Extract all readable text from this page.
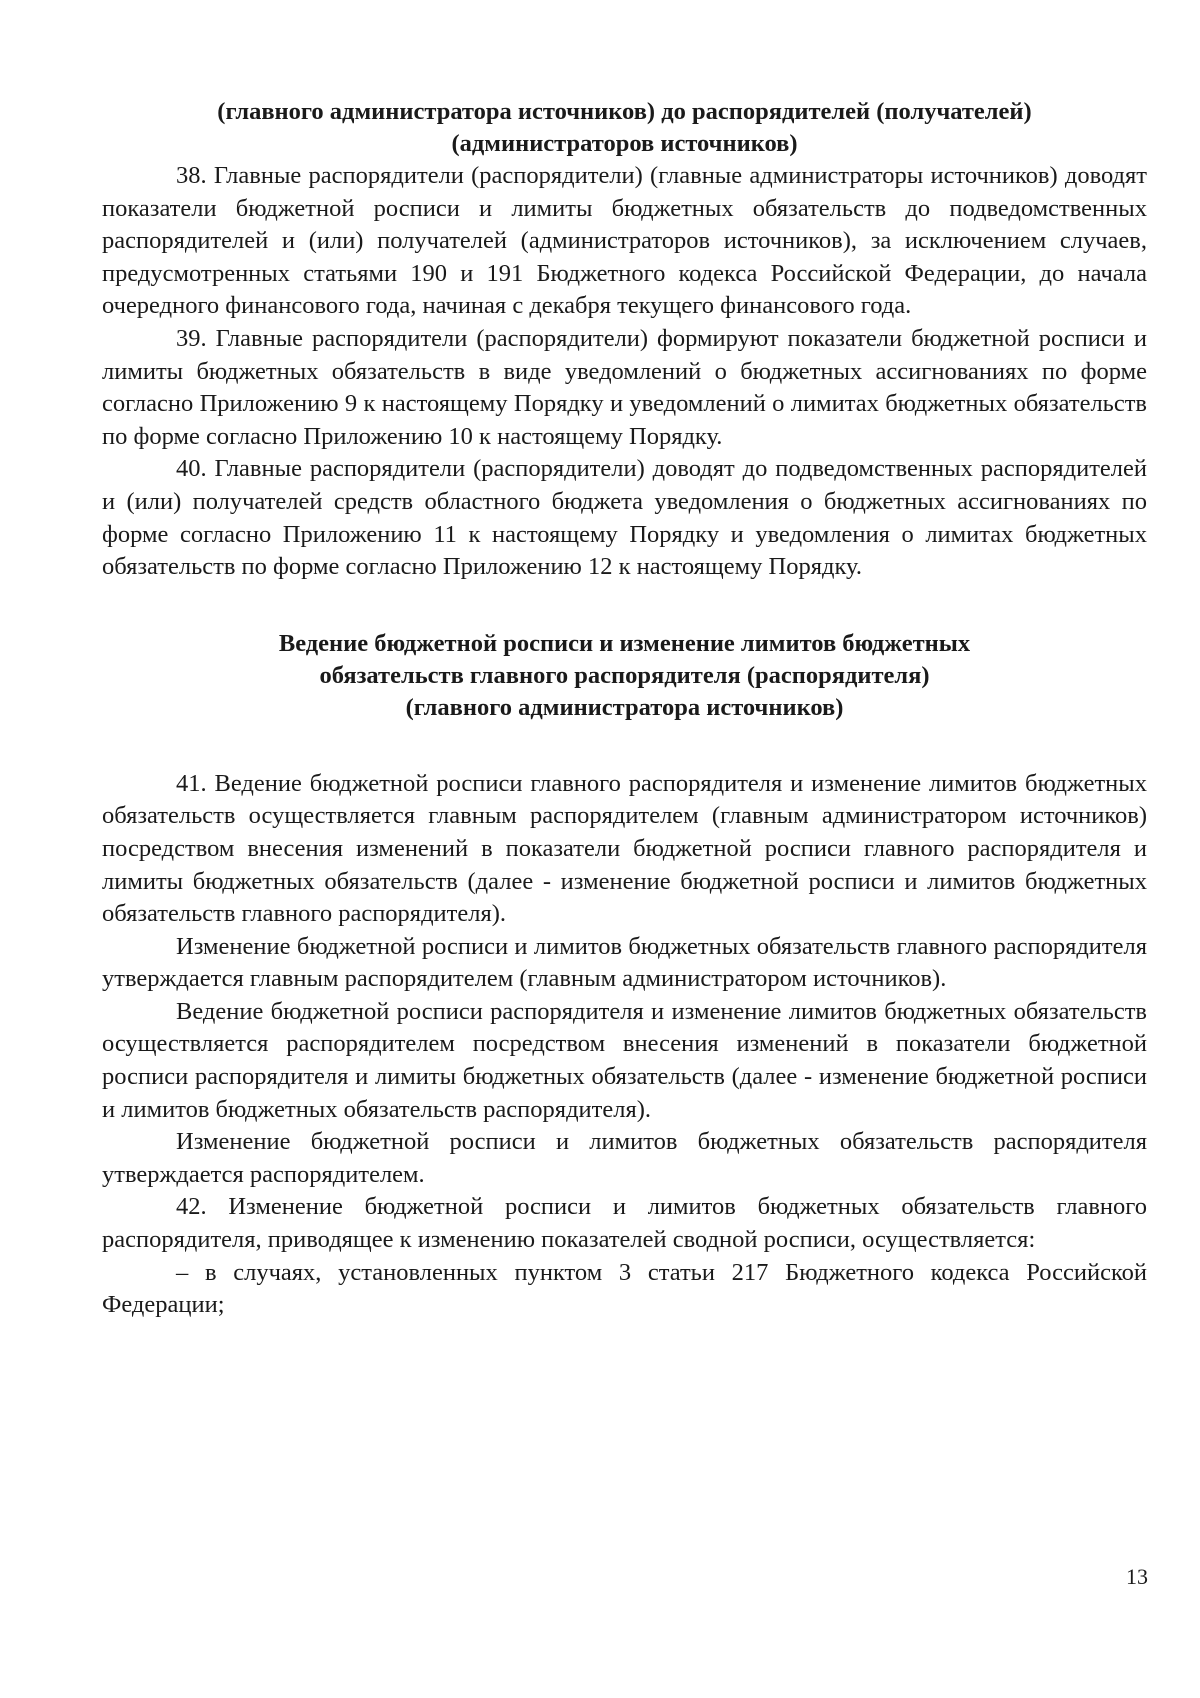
(главного администратора источников) до распорядителей (получателей)
(администраторов источников)

38. Главные распорядители (распорядители) (главные администраторы источников) доводят показатели бюджетной росписи и лимиты бюджетных обязательств до подведомственных распорядителей и (или) получателей (администраторов источников), за исключением случаев, предусмотренных статьями 190 и 191 Бюджетного кодекса Российской Федерации, до начала очередного финансового года, начиная с декабря текущего финансового года.

39. Главные распорядители (распорядители) формируют показатели бюджетной росписи и лимиты бюджетных обязательств в виде уведомлений о бюджетных ассигнованиях по форме согласно Приложению 9 к настоящему Порядку и уведомлений о лимитах бюджетных обязательств по форме согласно Приложению 10 к настоящему Порядку.

40. Главные распорядители (распорядители) доводят до подведомственных распорядителей и (или) получателей средств областного бюджета уведомления о бюджетных ассигнованиях по форме согласно Приложению 11 к настоящему Порядку и уведомления о лимитах бюджетных обязательств по форме согласно Приложению 12 к настоящему Порядку.

Ведение бюджетной росписи и изменение лимитов бюджетных
обязательств главного распорядителя (распорядителя)
(главного администратора источников)

41. Ведение бюджетной росписи главного распорядителя и изменение лимитов бюджетных обязательств осуществляется главным распорядителем (главным администратором источников) посредством внесения изменений в показатели бюджетной росписи главного распорядителя и лимиты бюджетных обязательств (далее - изменение бюджетной росписи и лимитов бюджетных обязательств главного распорядителя).

Изменение бюджетной росписи и лимитов бюджетных обязательств главного распорядителя утверждается главным распорядителем (главным администратором источников).

Ведение бюджетной росписи распорядителя и изменение лимитов бюджетных обязательств осуществляется распорядителем посредством внесения изменений в показатели бюджетной росписи распорядителя и лимиты бюджетных обязательств (далее - изменение бюджетной росписи и лимитов бюджетных обязательств распорядителя).

Изменение бюджетной росписи и лимитов бюджетных обязательств распорядителя утверждается распорядителем.

42. Изменение бюджетной росписи и лимитов бюджетных обязательств главного распорядителя, приводящее к изменению показателей сводной росписи, осуществляется:

– в случаях, установленных пунктом 3 статьи 217 Бюджетного кодекса Российской Федерации;

13
